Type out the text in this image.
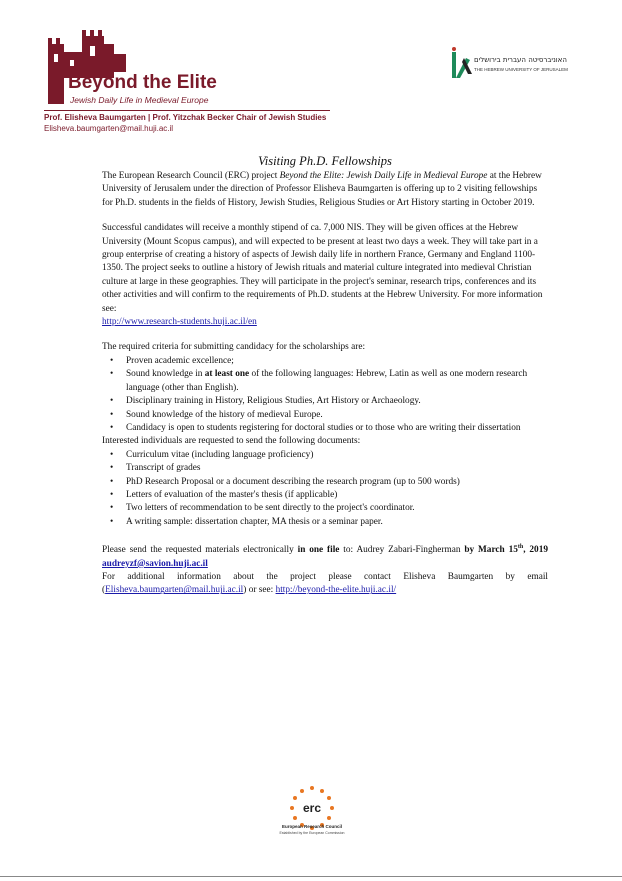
Beyond the Elite
Jewish Daily Life in Medieval Europe
Prof. Elisheva Baumgarten | Prof. Yitzchak Becker Chair of Jewish Studies
Elisheva.baumgarten@mail.huji.ac.il
האוניברסיטה העברית בירושלים
THE HEBREW UNIVERSITY OF JERUSALEM
Visiting Ph.D. Fellowships

The European Research Council (ERC) project Beyond the Elite: Jewish Daily Life in Medieval Europe at the Hebrew University of Jerusalem under the direction of Professor Elisheva Baumgarten is offering up to 2 visiting fellowships for Ph.D. students in the fields of History, Jewish Studies, Religious Studies or Art History starting in October 2019.

Successful candidates will receive a monthly stipend of ca. 7,000 NIS. They will be given offices at the Hebrew University (Mount Scopus campus), and will expected to be present at least two days a week. They will take part in a group enterprise of creating a history of aspects of Jewish daily life in northern France, Germany and England 1100-1350. The project seeks to outline a history of Jewish rituals and material culture integrated into medieval Christian culture at large in these geographies. They will participate in the project's seminar, research trips, conferences and its other activities and will confirm to the requirements of Ph.D. students at the Hebrew University. For more information see:
http://www.research-students.huji.ac.il/en

The required criteria for submitting candidacy for the scholarships are:

• Proven academic excellence;
• Sound knowledge in at least one of the following languages: Hebrew, Latin as well as one modern research language (other than English).
• Disciplinary training in History, Religious Studies, Art History or Archaeology.
• Sound knowledge of the history of medieval Europe.
• Candidacy is open to students registering for doctoral studies or to those who are writing their dissertation

Interested individuals are requested to send the following documents:

• Curriculum vitae (including language proficiency)
• Transcript of grades
• PhD Research Proposal or a document describing the research program (up to 500 words)
• Letters of evaluation of the master's thesis (if applicable)
• Two letters of recommendation to be sent directly to the project's coordinator.
• A writing sample: dissertation chapter, MA thesis or a seminar paper.

Please send the requested materials electronically in one file to: Audrey Zabari-Fingherman by March 15th, 2019 audreyzf@savion.huji.ac.il

For additional information about the project please contact Elisheva Baumgarten by email (Elisheva.baumgarten@mail.huji.ac.il) or see: http://beyond-the-elite.huji.ac.il/

erc
European Research Council
Established by the European Commission
